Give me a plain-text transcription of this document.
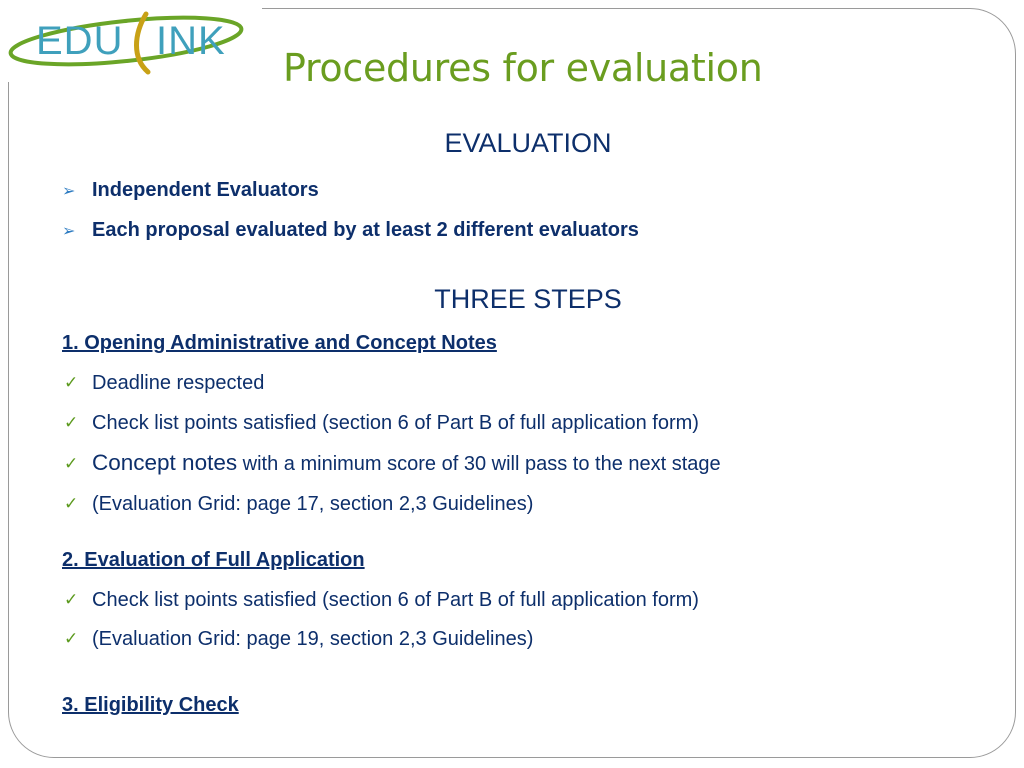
EDU INK
Procedures for evaluation
EVALUATION
➢ Independent Evaluators
➢ Each proposal evaluated by at least 2 different evaluators
THREE STEPS
1. Opening Administrative and Concept Notes
✓ Deadline respected
✓ Check list points satisfied (section 6 of Part B of full application form)
✓ Concept notes with a minimum score of 30 will pass to the next stage
✓ (Evaluation Grid: page 17, section 2,3 Guidelines)
2. Evaluation of Full Application
✓ Check list points satisfied (section 6 of Part B of full application form)
✓ (Evaluation Grid: page 19, section 2,3 Guidelines)
3. Eligibility Check
